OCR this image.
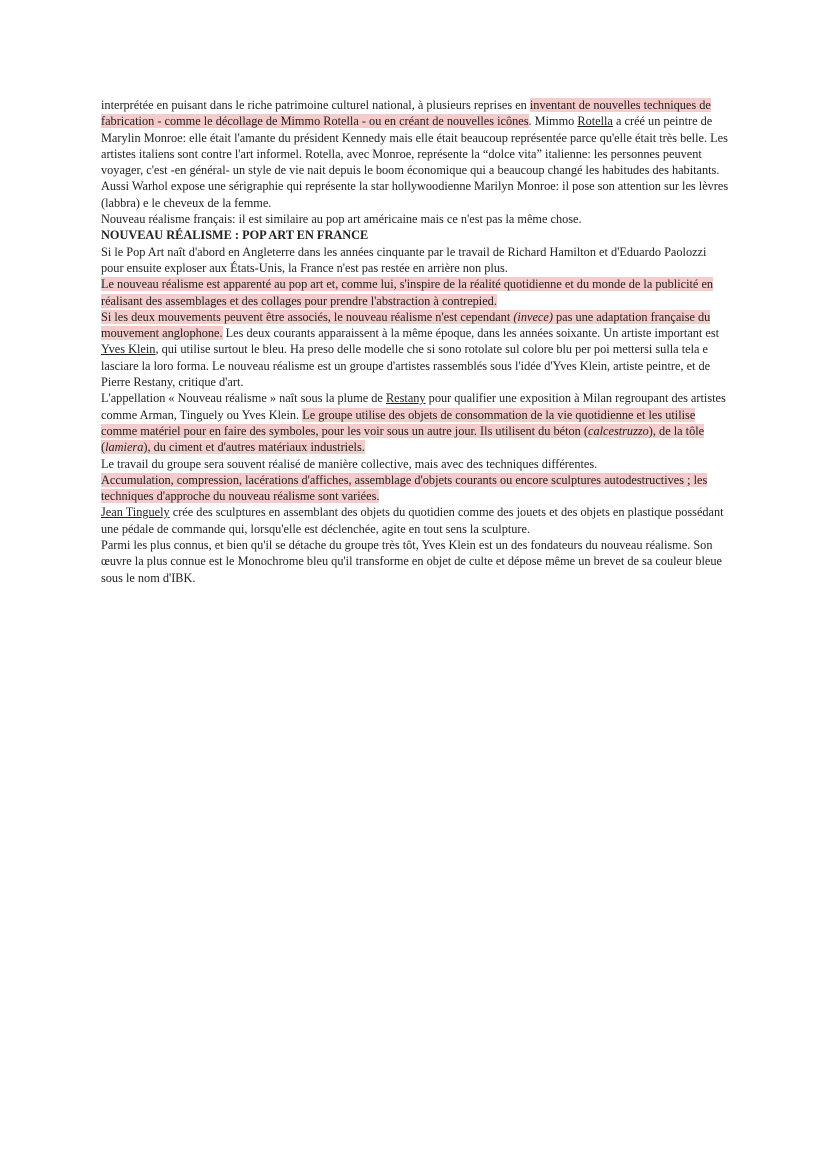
interprétée en puisant dans le riche patrimoine culturel national, à plusieurs reprises en inventant de nouvelles techniques de fabrication - comme le décollage de Mimmo Rotella - ou en créant de nouvelles icônes. Mimmo Rotella a créé un peintre de Marylin Monroe: elle était l'amante du président Kennedy mais elle était beaucoup représentée parce qu'elle était très belle. Les artistes italiens sont contre l'art informel. Rotella, avec Monroe, représente la “dolce vita” italienne: les personnes peuvent voyager, c'est -en général- un style de vie nait depuis le boom économique qui a beaucoup changé les habitudes des habitants. Aussi Warhol expose une sérigraphie qui représente la star hollywoodienne Marilyn Monroe: il pose son attention sur les lèvres (labbra) e le cheveux de la femme.

Nouveau réalisme français: il est similaire au pop art américaine mais ce n'est pas la même chose.

NOUVEAU RÉALISME : POP ART EN FRANCE

Si le Pop Art naît d'abord en Angleterre dans les années cinquante par le travail de Richard Hamilton et d'Eduardo Paolozzi pour ensuite exploser aux États-Unis, la France n'est pas restée en arrière non plus.

Le nouveau réalisme est apparenté au pop art et, comme lui, s'inspire de la réalité quotidienne et du monde de la publicité en réalisant des assemblages et des collages pour prendre l'abstraction à contrepied.

Si les deux mouvements peuvent être associés, le nouveau réalisme n'est cependant (invece) pas une adaptation française du mouvement anglophone. Les deux courants apparaissent à la même époque, dans les années soixante. Un artiste important est Yves Klein, qui utilise surtout le bleu. Ha preso delle modelle che si sono rotolate sul colore blu per poi mettersi sulla tela e lasciare la loro forma. Le nouveau réalisme est un groupe d'artistes rassemblés sous l'idée d'Yves Klein, artiste peintre, et de Pierre Restany, critique d'art.

L'appellation « Nouveau réalisme » naît sous la plume de Restany pour qualifier une exposition à Milan regroupant des artistes comme Arman, Tinguely ou Yves Klein. Le groupe utilise des objets de consommation de la vie quotidienne et les utilise comme matériel pour en faire des symboles, pour les voir sous un autre jour. Ils utilisent du béton (calcestruzzo), de la tôle (lamiera), du ciment et d'autres matériaux industriels.

Le travail du groupe sera souvent réalisé de manière collective, mais avec des techniques différentes.

Accumulation, compression, lacérations d'affiches, assemblage d'objets courants ou encore sculptures autodestructives ; les techniques d'approche du nouveau réalisme sont variées.

Jean Tinguely crée des sculptures en assemblant des objets du quotidien comme des jouets et des objets en plastique possédant une pédale de commande qui, lorsqu'elle est déclenchée, agite en tout sens la sculpture.

Parmi les plus connus, et bien qu'il se détache du groupe très tôt, Yves Klein est un des fondateurs du nouveau réalisme. Son œuvre la plus connue est le Monochrome bleu qu'il transforme en objet de culte et dépose même un brevet de sa couleur bleue sous le nom d'IBK.
